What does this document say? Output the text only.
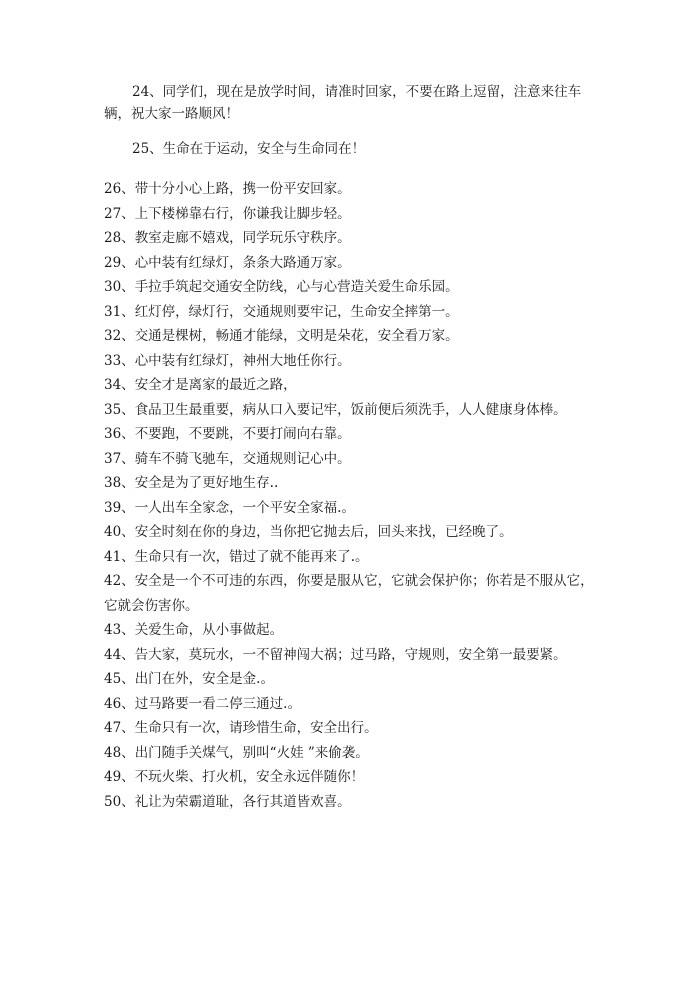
24、同学们，现在是放学时间，请准时回家，不要在路上逗留，注意来往车辆，祝大家一路顺风！

25、生命在于运动，安全与生命同在！

26、 带十分小心上路，携一份平安回家。
27、 上下楼梯靠右行，你谦我让脚步轻。
28、 教室走廊不嬉戏，同学玩乐守秩序。
29、 心中装有红绿灯，条条大路通万家。
30、 手拉手筑起交通安全防线，心与心营造关爱生命乐园。
31、 红灯停，绿灯行，交通规则要牢记，生命安全摔第一。
32、 交通是棵树，畅通才能绿，文明是朵花，安全看万家。
33、 心中装有红绿灯，神州大地任你行。
34、 安全才是离家的最近之路，
35、 食品卫生最重要，病从口入要记牢，饭前便后须洗手，人人健康身体棒。
36、 不要跑，不要跳，不要打闹向右靠。
37、 骑车不骑飞驰车，交通规则记心中。
38、 安全是为了更好地生存..
39、 一人出车全家念，一个平安全家福.。
40、 安全时刻在你的身边，当你把它抛去后，回头来找，已经晚了。
41、 生命只有一次，错过了就不能再来了.。
42、安全是一个不可违的东西，你要是服从它，它就会保护你；你若是不服从它，它就会伤害你。
43、 关爱生命，从小事做起。
44、 告大家，莫玩水，一不留神闯大祸；过马路，守规则，安全第一最要紧。
45、 出门在外，安全是金.。
46、 过马路要一看二停三通过.。
47、 生命只有一次，请珍惜生命，安全出行。
48、 出门随手关煤气，别叫“火娃 ”来偷袭。
49、 不玩火柴、打火机，安全永远伴随你！
50、 礼让为荣霸道耻，各行其道皆欢喜。
